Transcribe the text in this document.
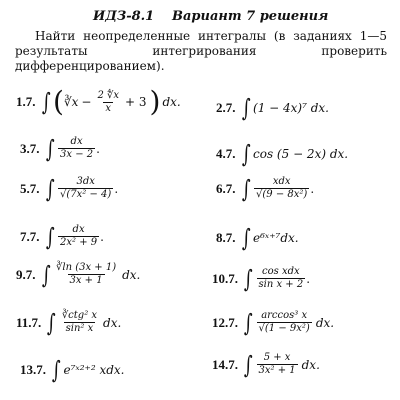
ИДЗ-8.1 Вариант 7 решения
Найти неопределенные интегралы (в заданиях 1—5 результаты интегрирования проверить дифференцированием).
1.7. ∫ ( ∛x − $\frac{2 ∜x}{x} + 3$ ) dx.	2.7. ∫ (1 − 4x)⁷ dx.
3.7. ∫ $\frac{dx}{3x - 2}$ .	4.7. ∫ cos (5 − 2x) dx.
5.7. ∫ $\frac{3dx}{\text{√(7x² − 4)}}$ .	6.7. ∫ $\frac{\text{xdx}}{\text{√(9 − 8x²)}}$ .
7.7. ∫ $\frac{dx}{\text{2x² + 9}}$ .	8.7. ∫ e⁶ˣ⁺⁷dx.
9.7. ∫ $\frac{∛\ln (3x + 1)}{3x + 1}$ dx.	10.7. ∫ $\frac{\text{cos xdx}}{\text{sin x + 2}}$ .
11.7. ∫ $\frac{\text{∛ctg² x}}{\text{sin² x}}$ dx.	12.7. ∫ $\frac{\text{arccos³ x}}{\text{√(1 − 9x²)}}$ dx.
13.7. ∫ e⁷ˣ²⁺² xdx.	14.7. ∫ $\frac{5 + x}{\text{3x² + 1}}$ dx.
